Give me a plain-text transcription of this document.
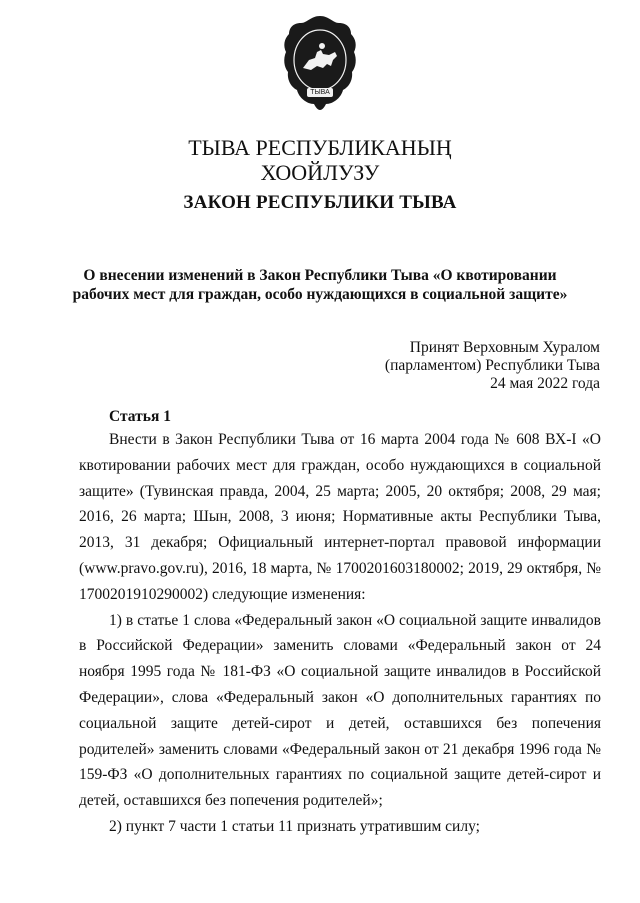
ТЫВА
ТЫВА РЕСПУБЛИКАНЫҢ
ХООЙЛУЗУ
ЗАКОН РЕСПУБЛИКИ ТЫВА
О внесении изменений в Закон Республики Тыва «О квотировании
рабочих мест для граждан, особо нуждающихся в социальной защите»
Принят Верховным Хуралом
(парламентом) Республики Тыва
24 мая 2022 года
Статья 1

Внести в Закон Республики Тыва от 16 марта 2004 года № 608 ВХ-I «О квотировании рабочих мест для граждан, особо нуждающихся в социальной защите» (Тувинская правда, 2004, 25 марта; 2005, 20 октября; 2008, 29 мая; 2016, 26 марта; Шын, 2008, 3 июня; Нормативные акты Республики Тыва, 2013, 31 декабря; Официальный интернет-портал правовой информации (www.pravo.gov.ru), 2016, 18 марта, № 1700201603180002; 2019, 29 октября, № 1700201910290002) следующие изменения:

1) в статье 1 слова «Федеральный закон «О социальной защите инвалидов в Российской Федерации» заменить словами «Федеральный закон от 24 ноября 1995 года № 181-ФЗ «О социальной защите инвалидов в Российской Федерации», слова «Федеральный закон «О дополнительных гарантиях по социальной защите детей-сирот и детей, оставшихся без попечения родителей» заменить словами «Федеральный закон от 21 декабря 1996 года № 159-ФЗ «О дополнительных гарантиях по социальной защите детей-сирот и детей, оставшихся без попечения родителей»;

2) пункт 7 части 1 статьи 11 признать утратившим силу;
